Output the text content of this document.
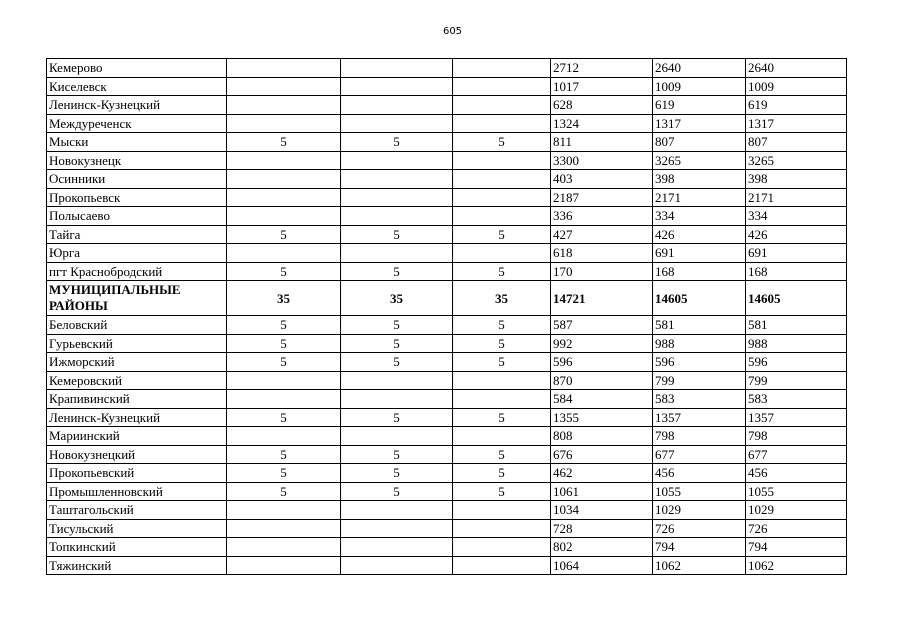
605
Кемерово				2712	2640	2640
Киселевск				1017	1009	1009
Ленинск-Кузнецкий				628	619	619
Междуреченск				1324	1317	1317
Мыски	5	5	5	811	807	807
Новокузнецк				3300	3265	3265
Осинники				403	398	398
Прокопьевск				2187	2171	2171
Полысаево				336	334	334
Тайга	5	5	5	427	426	426
Юрга				618	691	691
пгт Краснобродский	5	5	5	170	168	168
МУНИЦИПАЛЬНЫЕ РАЙОНЫ	35	35	35	14721	14605	14605
Беловский	5	5	5	587	581	581
Гурьевский	5	5	5	992	988	988
Ижморский	5	5	5	596	596	596
Кемеровский				870	799	799
Крапивинский				584	583	583
Ленинск-Кузнецкий	5	5	5	1355	1357	1357
Мариинский				808	798	798
Новокузнецкий	5	5	5	676	677	677
Прокопьевский	5	5	5	462	456	456
Промышленновский	5	5	5	1061	1055	1055
Таштагольский				1034	1029	1029
Тисульский				728	726	726
Топкинский				802	794	794
Тяжинский				1064	1062	1062
